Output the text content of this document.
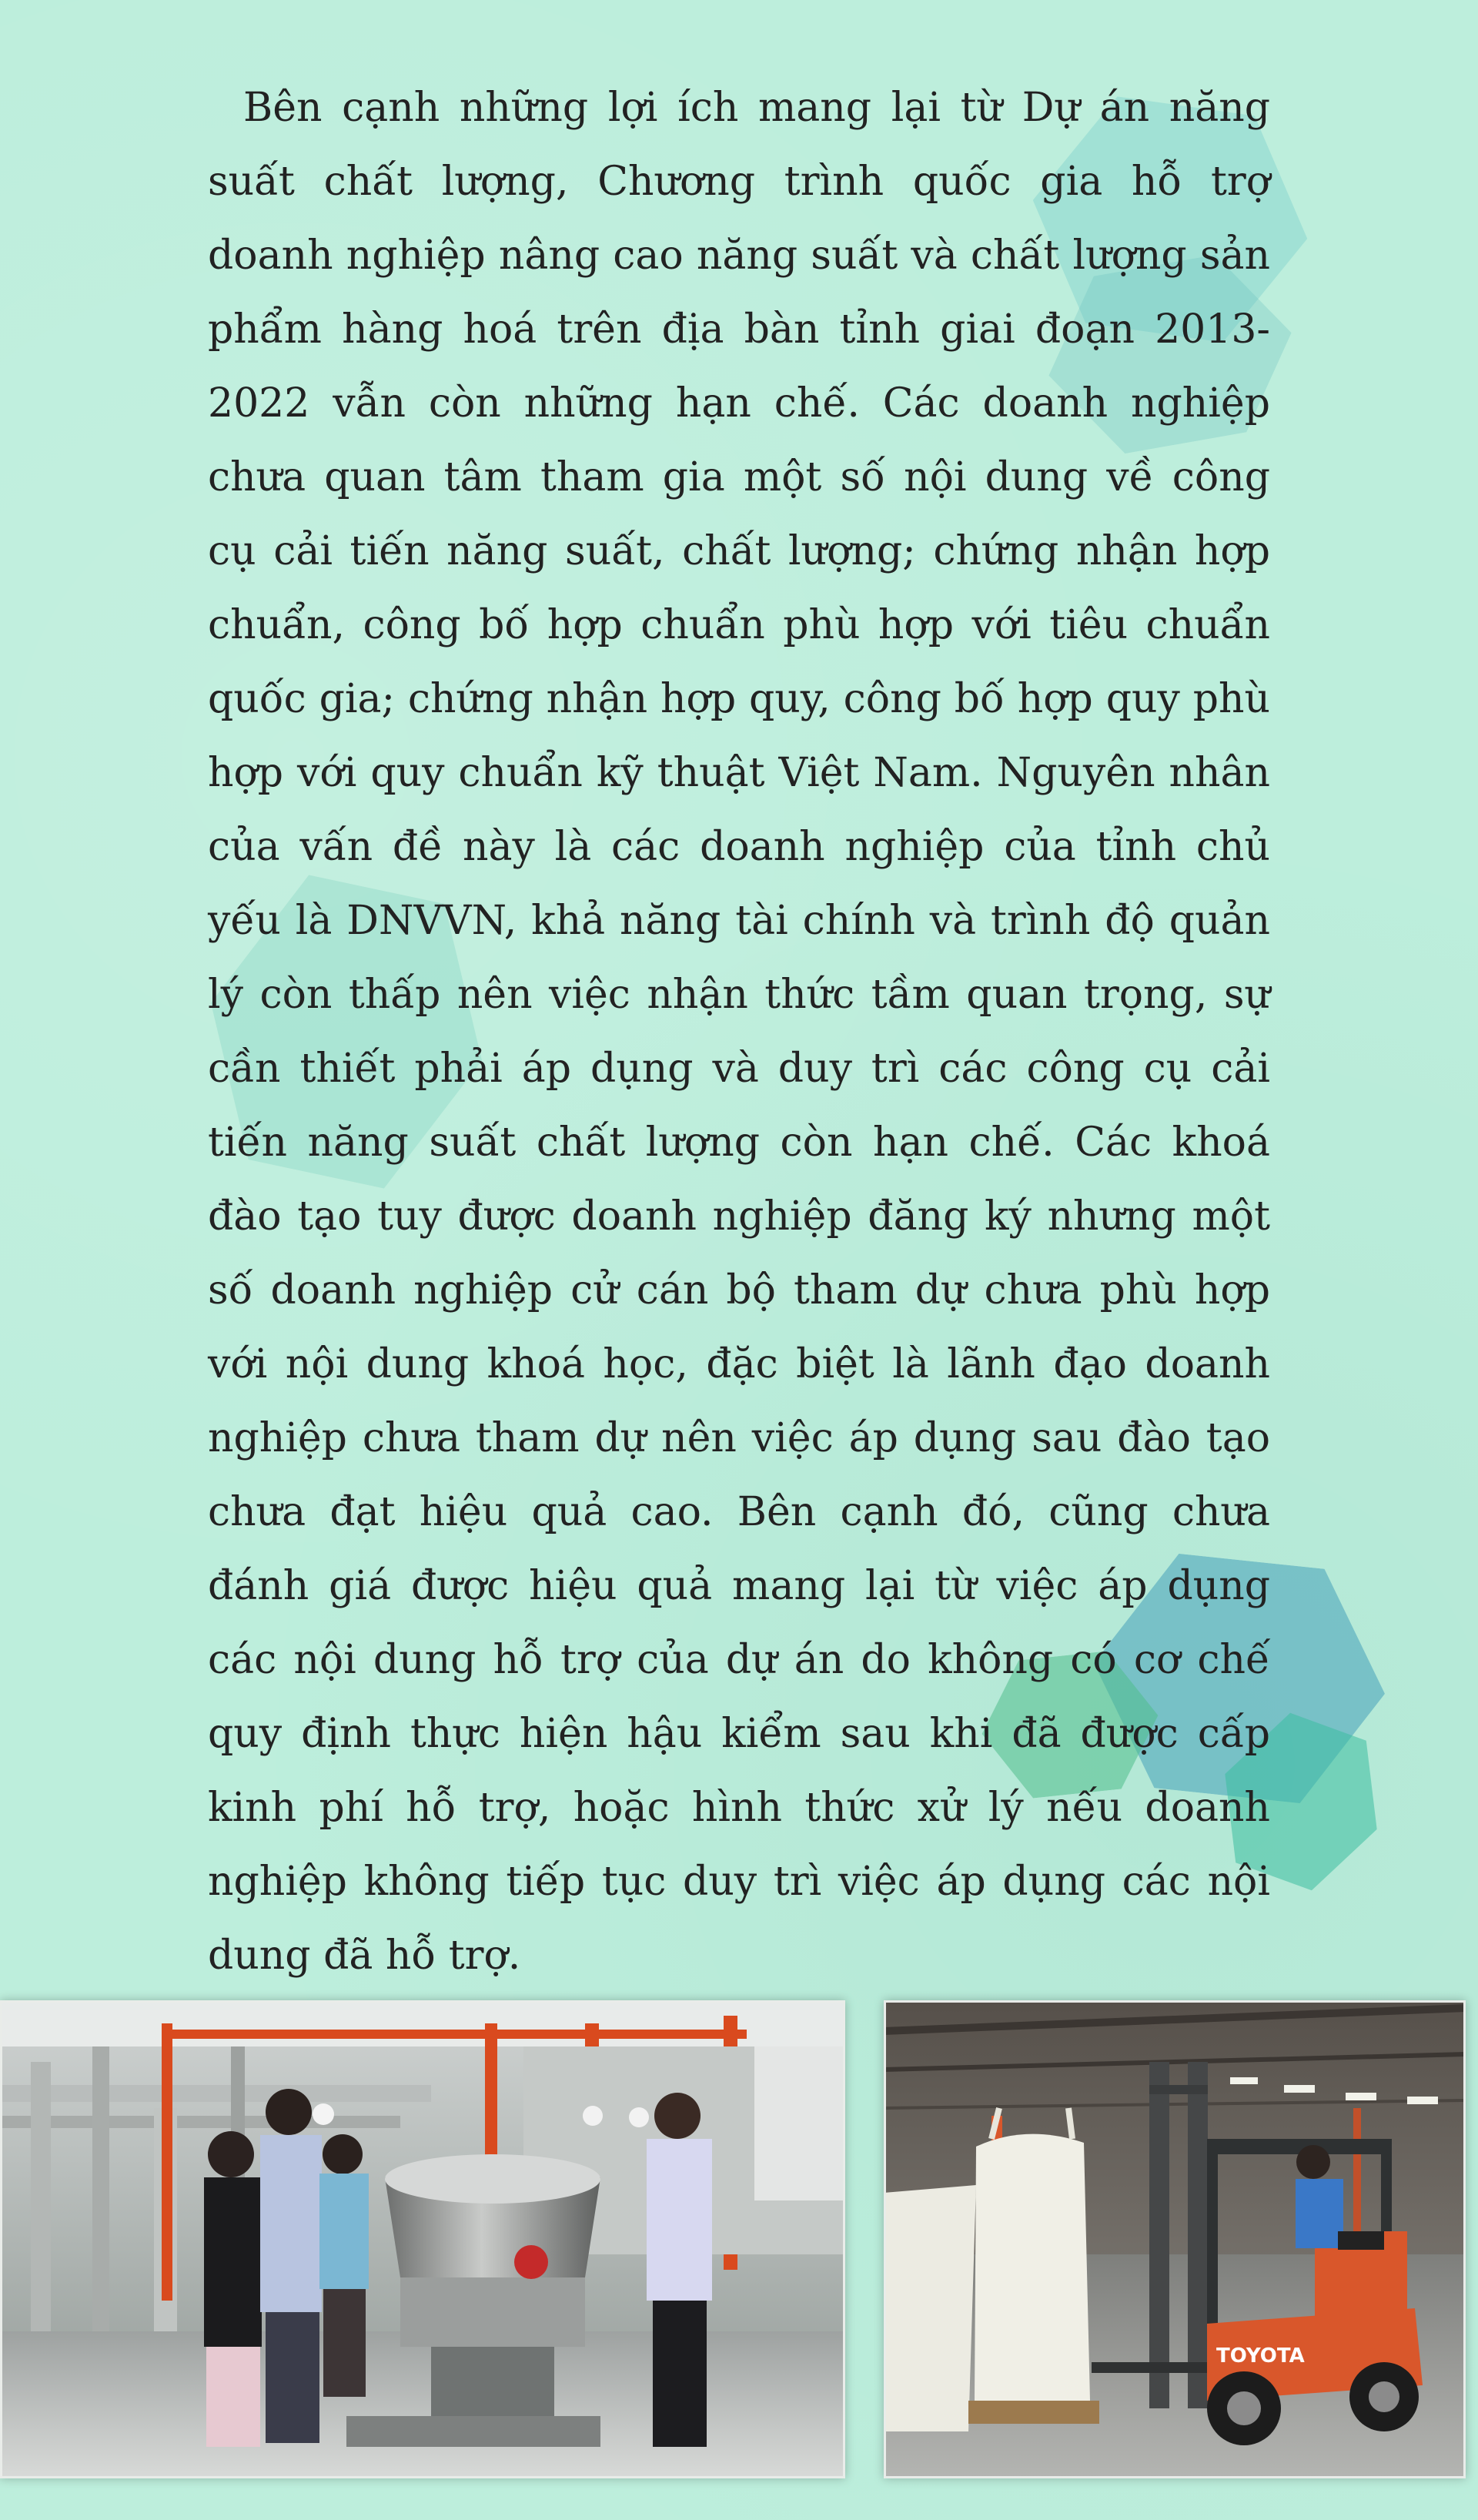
Bên cạnh những lợi ích mang lại từ Dự án năng suất chất lượng, Chương trình quốc gia hỗ trợ doanh nghiệp nâng cao năng suất và chất lượng sản phẩm hàng hoá trên địa bàn tỉnh giai đoạn 2013-2022 vẫn còn những hạn chế. Các doanh nghiệp chưa quan tâm tham gia một số nội dung về công cụ cải tiến năng suất, chất lượng; chứng nhận hợp chuẩn, công bố hợp chuẩn phù hợp với tiêu chuẩn quốc gia; chứng nhận hợp quy, công bố hợp quy phù hợp với quy chuẩn kỹ thuật Việt Nam. Nguyên nhân của vấn đề này là các doanh nghiệp của tỉnh chủ yếu là DNVVN, khả năng tài chính và trình độ quản lý còn thấp nên việc nhận thức tầm quan trọng, sự cần thiết phải áp dụng và duy trì các công cụ cải tiến năng suất chất lượng còn hạn chế. Các khoá đào tạo tuy được doanh nghiệp đăng ký nhưng một số doanh nghiệp cử cán bộ tham dự chưa phù hợp với nội dung khoá học, đặc biệt là lãnh đạo doanh nghiệp chưa tham dự nên việc áp dụng sau đào tạo chưa đạt hiệu quả cao. Bên cạnh đó, cũng chưa đánh giá được hiệu quả mang lại từ việc áp dụng các nội dung hỗ trợ của dự án do không có cơ chế quy định thực hiện hậu kiểm sau khi đã được cấp kinh phí hỗ trợ, hoặc hình thức xử lý nếu doanh nghiệp không tiếp tục duy trì việc áp dụng các nội dung đã hỗ trợ.

TOYOTA
